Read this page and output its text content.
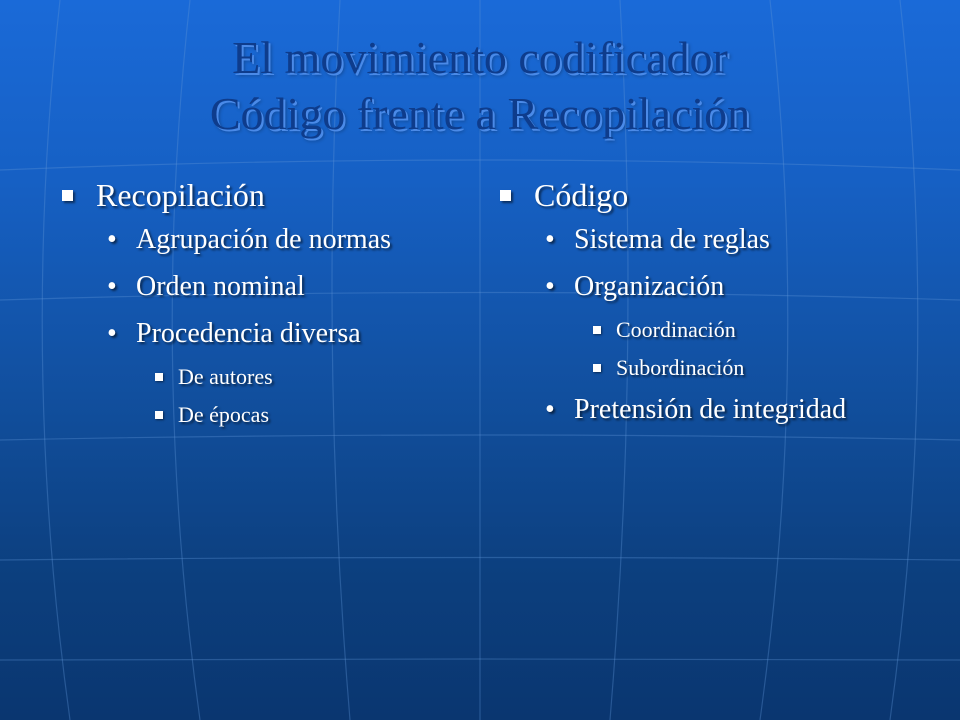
El movimiento codificador
Código frente a Recopilación
Recopilación
• Agrupación de normas
• Orden nominal
• Procedencia diversa
De autores
De épocas
Código
• Sistema de reglas
• Organización
Coordinación
Subordinación
• Pretensión de integridad
